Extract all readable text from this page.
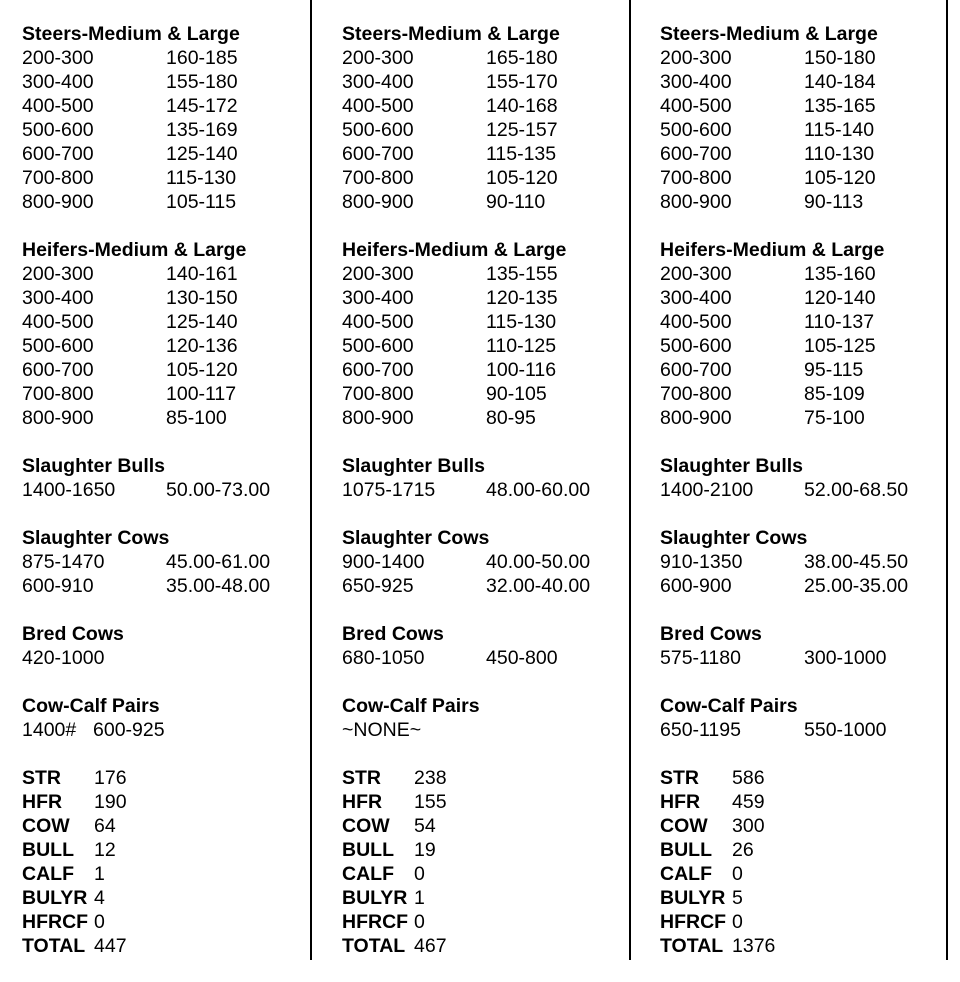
Steers-Medium & Large
200-300	160-185
300-400	155-180
400-500	145-172
500-600	135-169
600-700	125-140
700-800	115-130
800-900	105-115
Heifers-Medium & Large
200-300	140-161
300-400	130-150
400-500	125-140
500-600	120-136
600-700	105-120
700-800	100-117
800-900	85-100
Slaughter Bulls
1400-1650	50.00-73.00
Slaughter Cows
875-1470	45.00-61.00
600-910	35.00-48.00
Bred Cows
420-1000
Cow-Calf Pairs
1400# 600-925
STR 176
HFR 190
COW 64
BULL 12
CALF 1
BULYR 4
HFRCF 0
TOTAL 447
Steers-Medium & Large
200-300	165-180
300-400	155-170
400-500	140-168
500-600	125-157
600-700	115-135
700-800	105-120
800-900	90-110
Heifers-Medium & Large
200-300	135-155
300-400	120-135
400-500	115-130
500-600	110-125
600-700	100-116
700-800	90-105
800-900	80-95
Slaughter Bulls
1075-1715	48.00-60.00
Slaughter Cows
900-1400	40.00-50.00
650-925	32.00-40.00
Bred Cows
680-1050	450-800
Cow-Calf Pairs
~NONE~
STR 238
HFR 155
COW 54
BULL 19
CALF 0
BULYR 1
HFRCF 0
TOTAL 467
Steers-Medium & Large
200-300	150-180
300-400	140-184
400-500	135-165
500-600	115-140
600-700	110-130
700-800	105-120
800-900	90-113
Heifers-Medium & Large
200-300	135-160
300-400	120-140
400-500	110-137
500-600	105-125
600-700	95-115
700-800	85-109
800-900	75-100
Slaughter Bulls
1400-2100	52.00-68.50
Slaughter Cows
910-1350	38.00-45.50
600-900	25.00-35.00
Bred Cows
575-1180	300-1000
Cow-Calf Pairs
650-1195	550-1000
STR 586
HFR 459
COW 300
BULL 26
CALF 0
BULYR 5
HFRCF 0
TOTAL 1376
